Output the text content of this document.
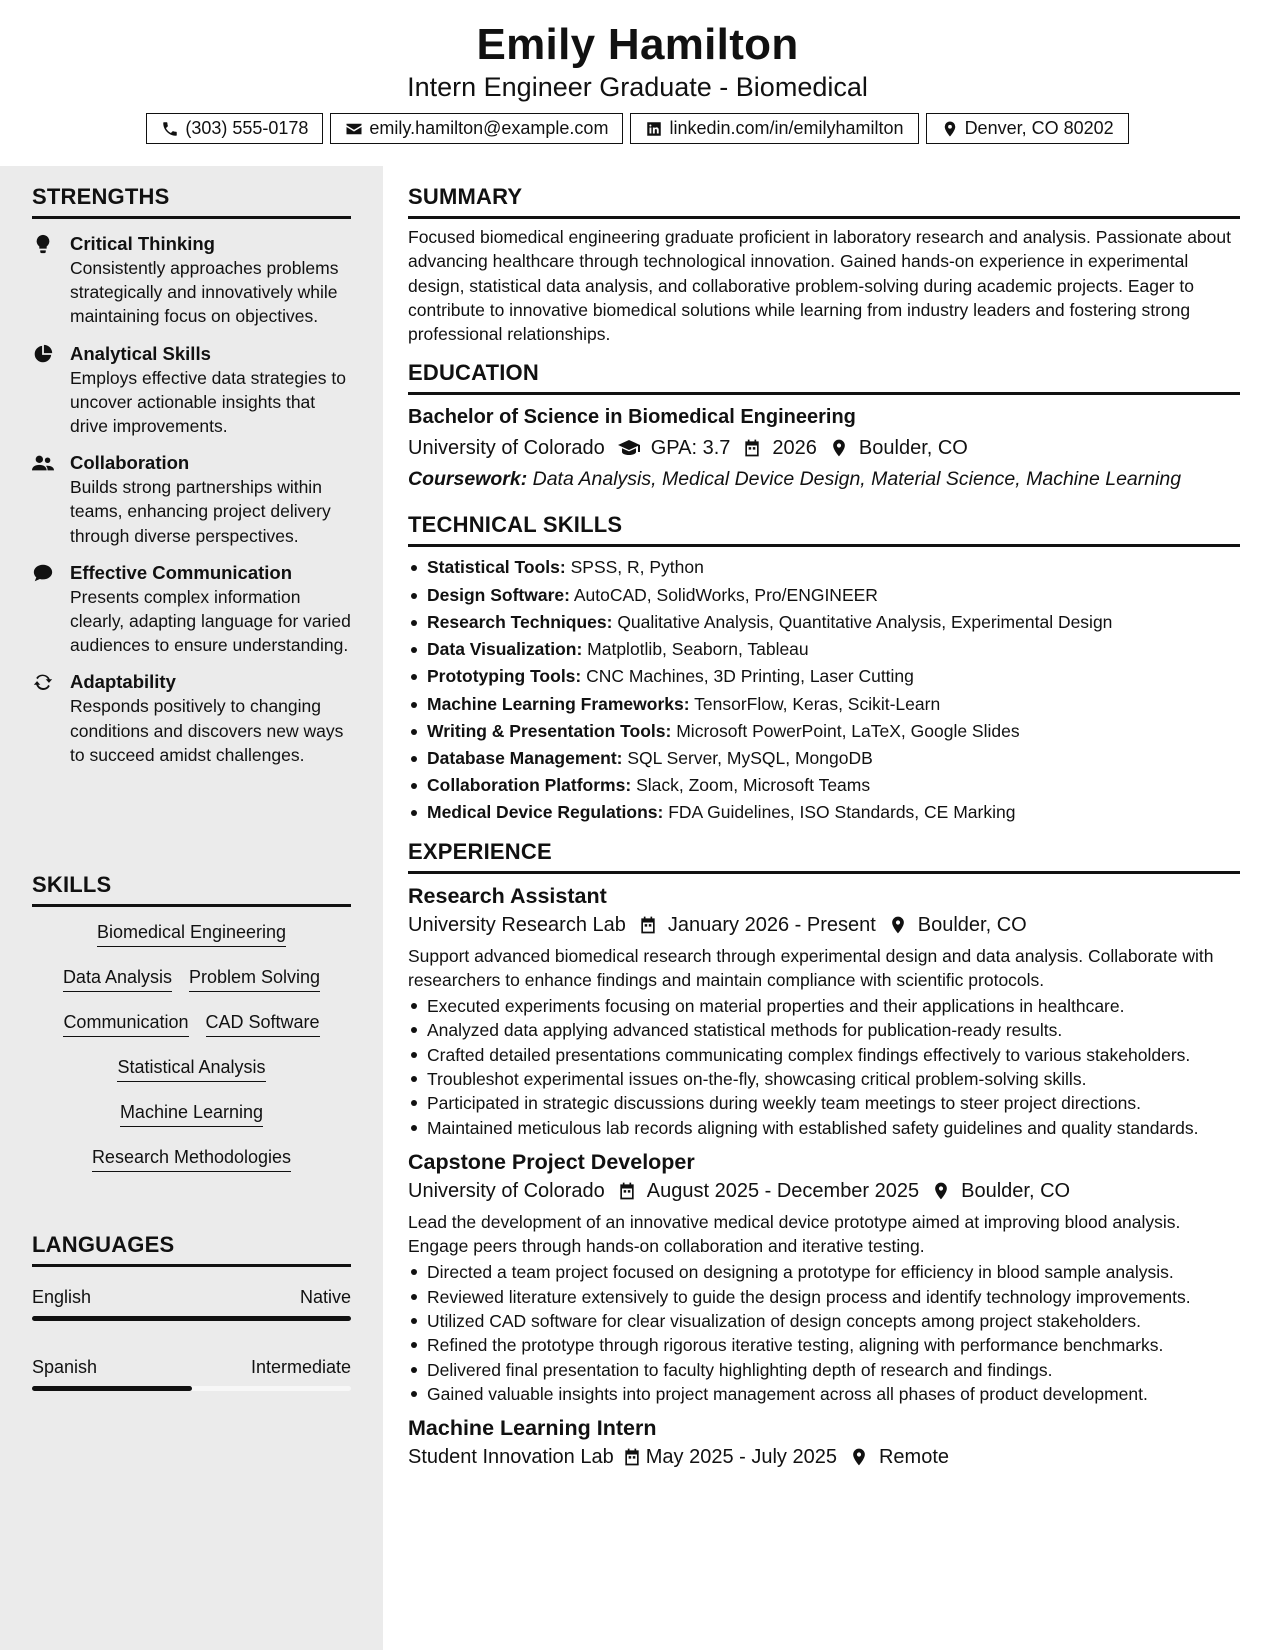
Emily Hamilton
Intern Engineer Graduate - Biomedical
(303) 555-0178	emily.hamilton@example.com	linkedin.com/in/emilyhamilton	Denver, CO 80202
STRENGTHS
Critical Thinking
Consistently approaches problems strategically and innovatively while maintaining focus on objectives.
Analytical Skills
Employs effective data strategies to uncover actionable insights that drive improvements.
Collaboration
Builds strong partnerships within teams, enhancing project delivery through diverse perspectives.
Effective Communication
Presents complex information clearly, adapting language for varied audiences to ensure understanding.
Adaptability
Responds positively to changing conditions and discovers new ways to succeed amidst challenges.
SKILLS
Biomedical Engineering
Data Analysis Problem Solving
Communication CAD Software
Statistical Analysis
Machine Learning
Research Methodologies
LANGUAGES
English	Native
Spanish	Intermediate
SUMMARY
Focused biomedical engineering graduate proficient in laboratory research and analysis. Passionate about advancing healthcare through technological innovation. Gained hands-on experience in experimental design, statistical data analysis, and collaborative problem-solving during academic projects. Eager to contribute to innovative biomedical solutions while learning from industry leaders and fostering strong professional relationships.
EDUCATION
Bachelor of Science in Biomedical Engineering
University of Colorado GPA: 3.7 2026 Boulder, CO
Coursework: Data Analysis, Medical Device Design, Material Science, Machine Learning
TECHNICAL SKILLS
Statistical Tools: SPSS, R, Python
Design Software: AutoCAD, SolidWorks, Pro/ENGINEER
Research Techniques: Qualitative Analysis, Quantitative Analysis, Experimental Design
Data Visualization: Matplotlib, Seaborn, Tableau
Prototyping Tools: CNC Machines, 3D Printing, Laser Cutting
Machine Learning Frameworks: TensorFlow, Keras, Scikit-Learn
Writing & Presentation Tools: Microsoft PowerPoint, LaTeX, Google Slides
Database Management: SQL Server, MySQL, MongoDB
Collaboration Platforms: Slack, Zoom, Microsoft Teams
Medical Device Regulations: FDA Guidelines, ISO Standards, CE Marking
EXPERIENCE
Research Assistant
University Research Lab January 2026 - Present Boulder, CO
Support advanced biomedical research through experimental design and data analysis. Collaborate with researchers to enhance findings and maintain compliance with scientific protocols.
Executed experiments focusing on material properties and their applications in healthcare.
Analyzed data applying advanced statistical methods for publication-ready results.
Crafted detailed presentations communicating complex findings effectively to various stakeholders.
Troubleshot experimental issues on-the-fly, showcasing critical problem-solving skills.
Participated in strategic discussions during weekly team meetings to steer project directions.
Maintained meticulous lab records aligning with established safety guidelines and quality standards.
Capstone Project Developer
University of Colorado August 2025 - December 2025 Boulder, CO
Lead the development of an innovative medical device prototype aimed at improving blood analysis. Engage peers through hands-on collaboration and iterative testing.
Directed a team project focused on designing a prototype for efficiency in blood sample analysis.
Reviewed literature extensively to guide the design process and identify technology improvements.
Utilized CAD software for clear visualization of design concepts among project stakeholders.
Refined the prototype through rigorous iterative testing, aligning with performance benchmarks.
Delivered final presentation to faculty highlighting depth of research and findings.
Gained valuable insights into project management across all phases of product development.
Machine Learning Intern
Student Innovation Lab May 2025 - July 2025 Remote
